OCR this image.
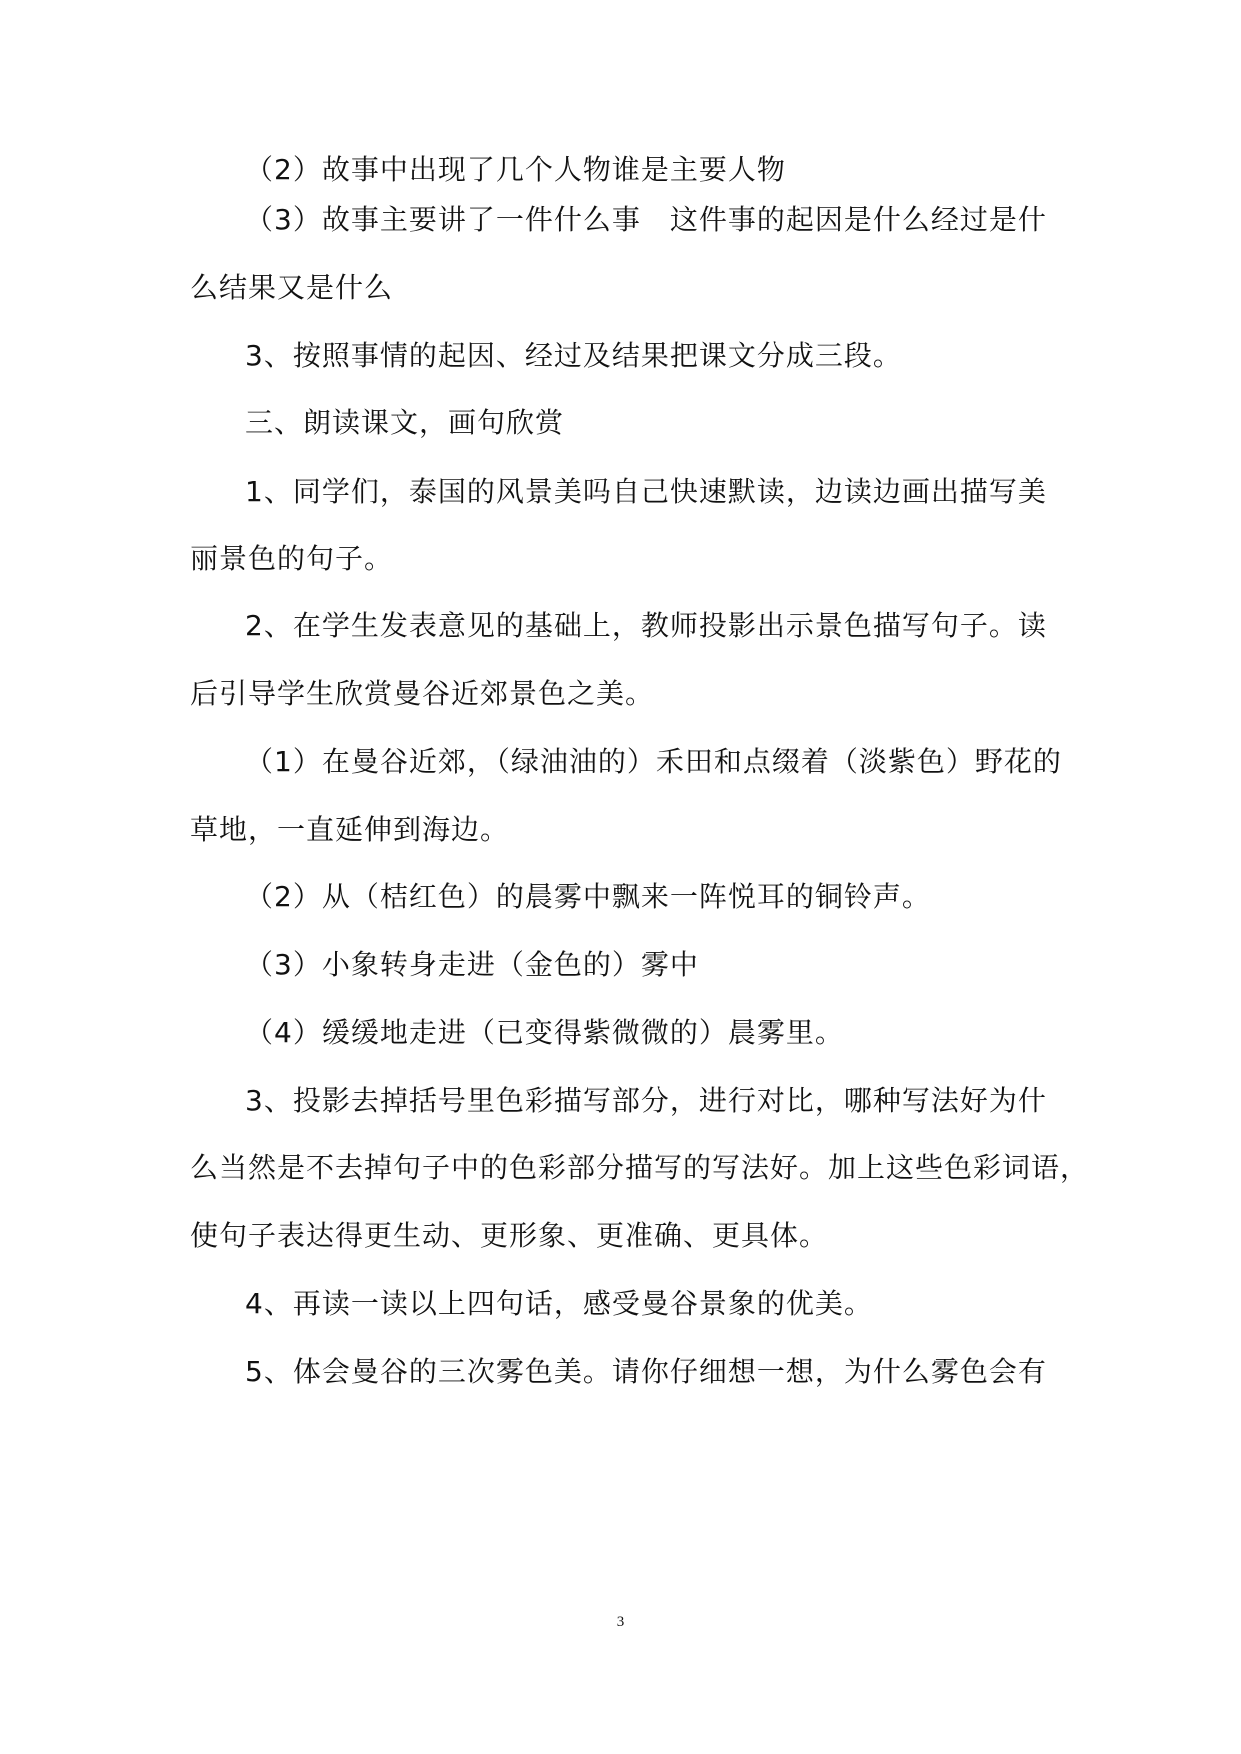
（2）故事中出现了几个人物谁是主要人物
（3）故事主要讲了一件什么事　这件事的起因是什么经过是什
么结果又是什么
3、按照事情的起因、经过及结果把课文分成三段。
三、朗读课文，画句欣赏
1、同学们，泰国的风景美吗自己快速默读，边读边画出描写美
丽景色的句子。
2、在学生发表意见的基础上，教师投影出示景色描写句子。读
后引导学生欣赏曼谷近郊景色之美。
（1）在曼谷近郊，（绿油油的）禾田和点缀着（淡紫色）野花的
草地，一直延伸到海边。
（2）从（桔红色）的晨雾中飘来一阵悦耳的铜铃声。
（3）小象转身走进（金色的）雾中
（4）缓缓地走进（已变得紫微微的）晨雾里。
3、投影去掉括号里色彩描写部分，进行对比，哪种写法好为什
么当然是不去掉句子中的色彩部分描写的写法好。加上这些色彩词语，
使句子表达得更生动、更形象、更准确、更具体。
4、再读一读以上四句话，感受曼谷景象的优美。
5、体会曼谷的三次雾色美。请你仔细想一想，为什么雾色会有
3
